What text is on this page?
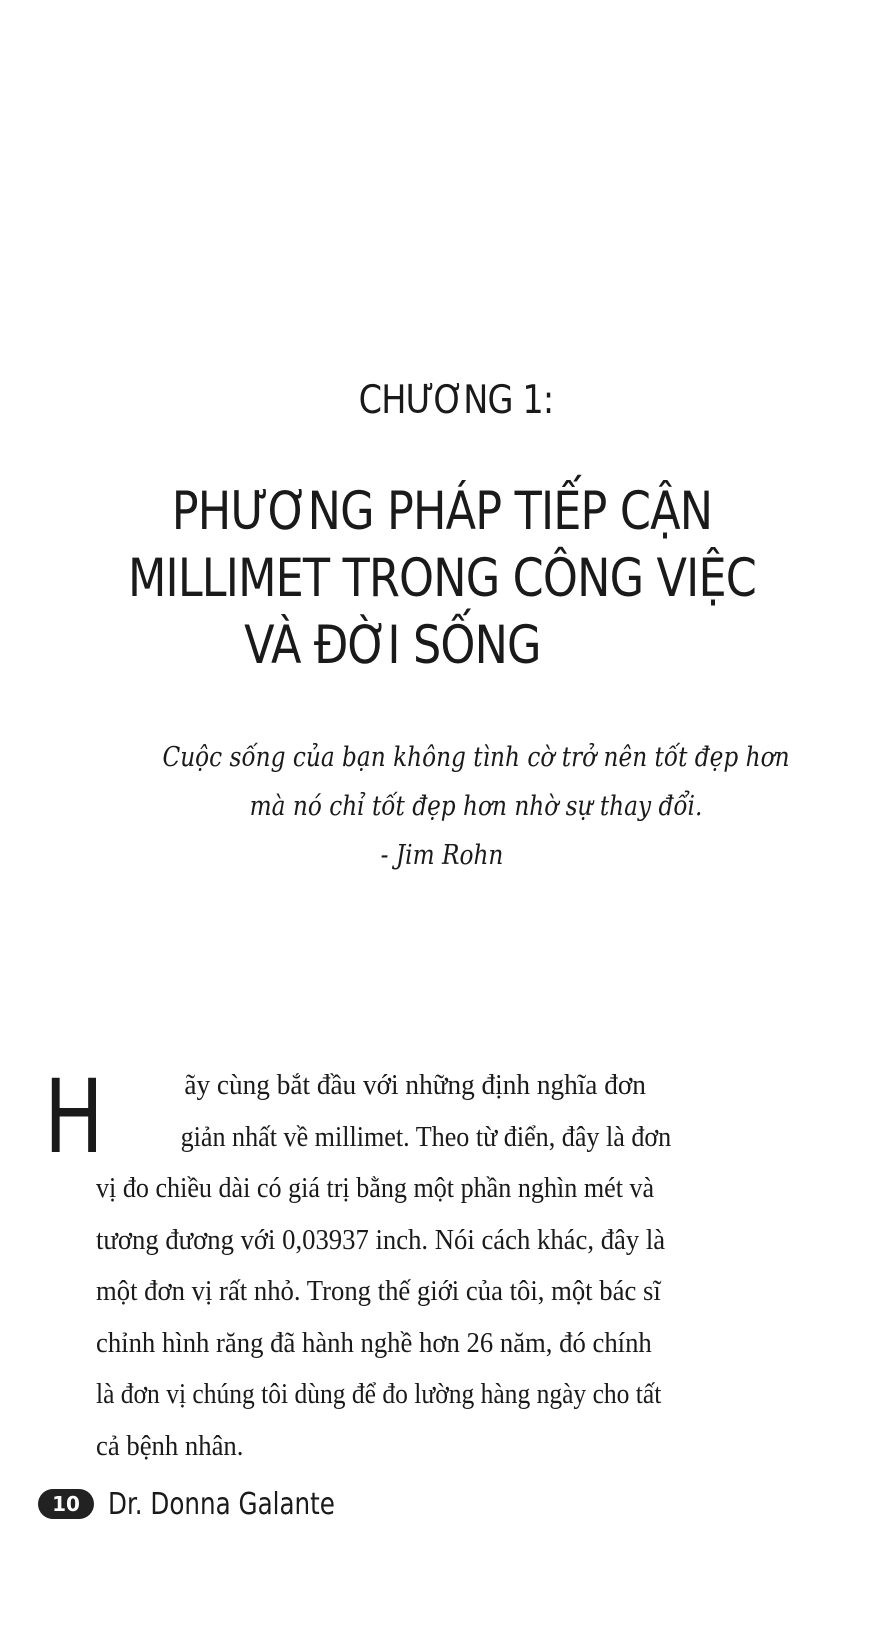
CHƯƠNG 1:
PHƯƠNG PHÁP TIẾP CẬN
MILLIMET TRONG CÔNG VIỆC
VÀ ĐỜI SỐNG
Cuộc sống của bạn không tình cờ trở nên tốt đẹp hơn
mà nó chỉ tốt đẹp hơn nhờ sự thay đổi.
- Jim Rohn
H	ãy cùng bắt đầu với những định nghĩa đơn
giản nhất về millimet. Theo từ điển, đây là đơn
vị đo chiều dài có giá trị bằng một phần nghìn mét và
tương đương với 0,03937 inch. Nói cách khác, đây là
một đơn vị rất nhỏ. Trong thế giới của tôi, một bác sĩ
chỉnh hình răng đã hành nghề hơn 26 năm, đó chính
là đơn vị chúng tôi dùng để đo lường hàng ngày cho tất
cả bệnh nhân.
10 Dr. Donna Galante
